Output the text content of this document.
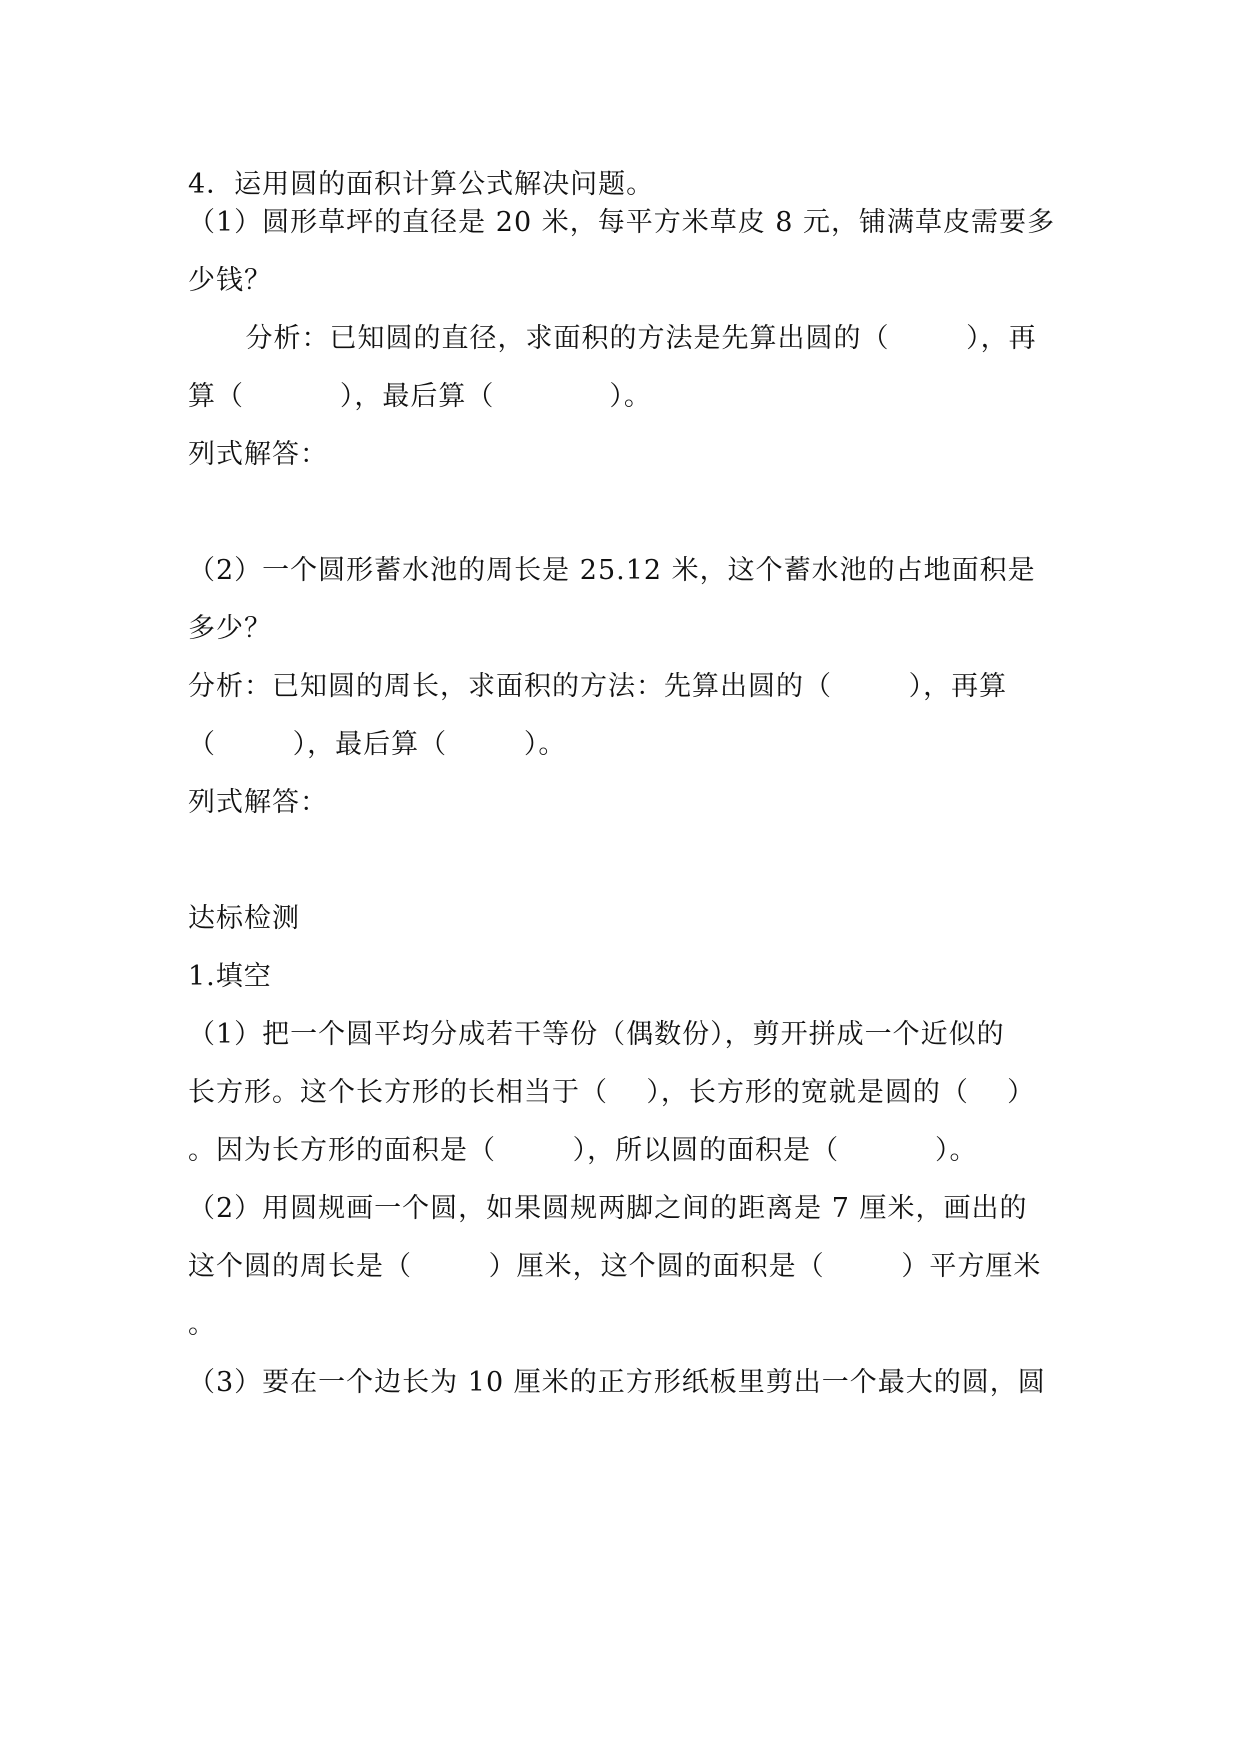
4．运用圆的面积计算公式解决问题。
（1）圆形草坪的直径是 20 米，每平方米草皮 8 元，铺满草皮需要多
少钱？
分析：已知圆的直径，求面积的方法是先算出圆的（        ），再
算（          ），最后算（            ）。
列式解答：
（2）一个圆形蓄水池的周长是 25.12 米，这个蓄水池的占地面积是
多少？
分析：已知圆的周长，求面积的方法：先算出圆的（        ），再算
（        ），最后算（        ）。
列式解答：
达标检测
1.填空
（1）把一个圆平均分成若干等份（偶数份），剪开拼成一个近似的
长方形。这个长方形的长相当于（    ），长方形的宽就是圆的（    ）
。因为长方形的面积是（        ），所以圆的面积是（          ）。
（2）用圆规画一个圆，如果圆规两脚之间的距离是 7 厘米，画出的
这个圆的周长是（        ）厘米，这个圆的面积是（        ）平方厘米
。
（3）要在一个边长为 10 厘米的正方形纸板里剪出一个最大的圆，圆
